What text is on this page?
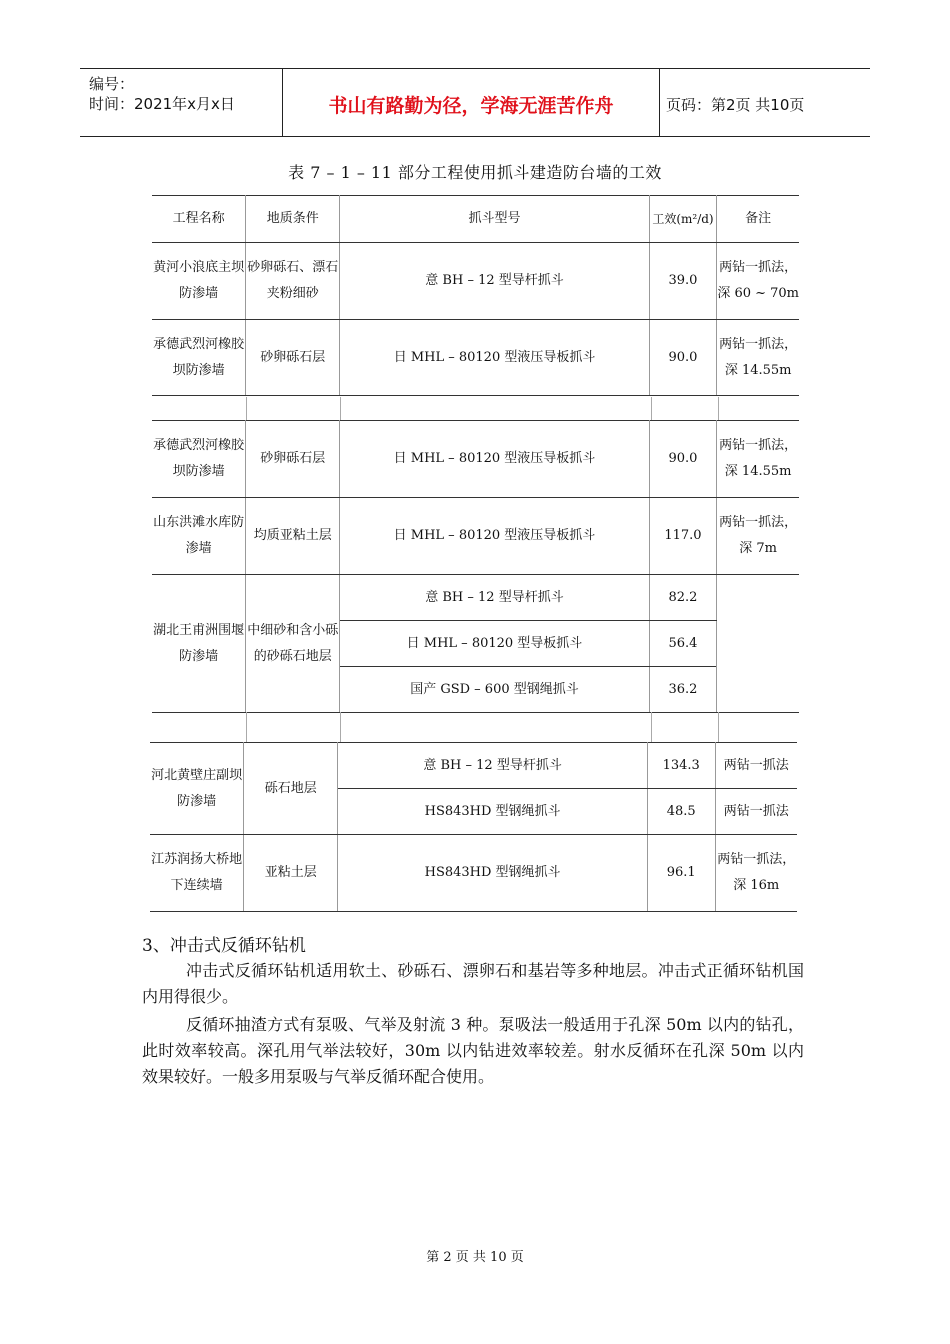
编号：
时间：2021年x月x日	书山有路勤为径，学海无涯苦作舟	页码：第2页 共10页
表 7 – 1 – 11 部分工程使用抓斗建造防台墙的工效
工程名称	地质条件	抓斗型号	工效(m²/d)	备注
黄河小浪底主坝防渗墙	砂卵砾石、漂石夹粉细砂	意 BH – 12 型导杆抓斗	39.0	两钻一抓法，深 60 ~ 70m
承德武烈河橡胶坝防渗墙	砂卵砾石层	日 MHL – 80120 型液压导板抓斗	90.0	两钻一抓法，深 14.55m
承德武烈河橡胶坝防渗墙	砂卵砾石层	日 MHL – 80120 型液压导板抓斗	90.0	两钻一抓法，深 14.55m
山东洪滩水库防渗墙	均质亚粘土层	日 MHL – 80120 型液压导板抓斗	117.0	两钻一抓法，深 7m
湖北王甫洲围堰防渗墙	中细砂和含小砾的砂砾石地层	意 BH – 12 型导杆抓斗	82.2	
		日 MHL – 80120 型导板抓斗	56.4	
		国产 GSD – 600 型钢绳抓斗	36.2	
河北黄壁庄副坝防渗墙	砾石地层	意 BH – 12 型导杆抓斗	134.3	两钻一抓法
		HS843HD 型钢绳抓斗	48.5	两钻一抓法
江苏润扬大桥地下连续墙	亚粘土层	HS843HD 型钢绳抓斗	96.1	两钻一抓法，深 16m
3、冲击式反循环钻机
冲击式反循环钻机适用软土、砂砾石、漂卵石和基岩等多种地层。冲击式正循环钻机国内用得很少。
反循环抽渣方式有泵吸、气举及射流 3 种。泵吸法一般适用于孔深 50m 以内的钻孔，此时效率较高。深孔用气举法较好，30m 以内钻进效率较差。射水反循环在孔深 50m 以内效果较好。一般多用泵吸与气举反循环配合使用。
第 2 页 共 10 页
